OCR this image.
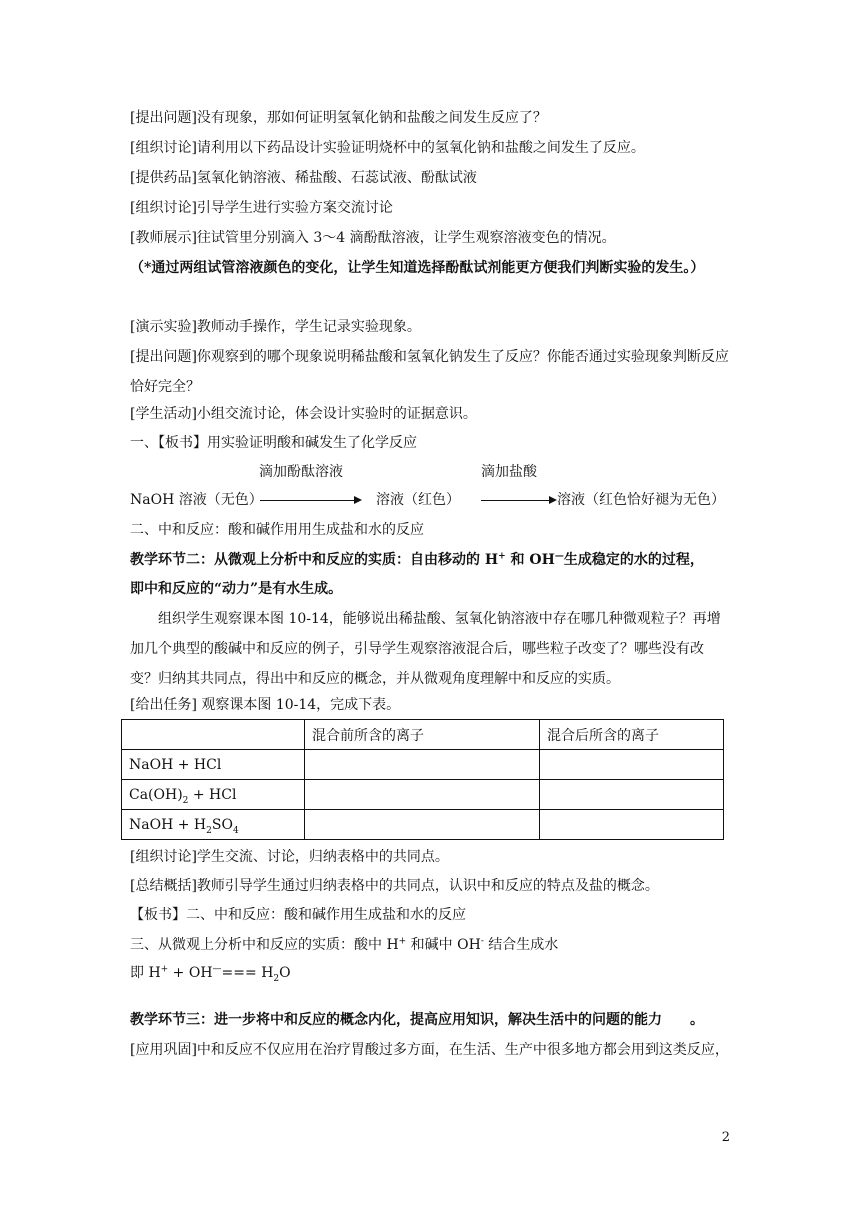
[提出问题]没有现象，那如何证明氢氧化钠和盐酸之间发生反应了？
[组织讨论]请利用以下药品设计实验证明烧杯中的氢氧化钠和盐酸之间发生了反应。
[提供药品]氢氧化钠溶液、稀盐酸、石蕊试液、酚酞试液
[组织讨论]引导学生进行实验方案交流讨论
[教师展示]往试管里分别滴入 3～4 滴酚酞溶液，让学生观察溶液变色的情况。
（*通过两组试管溶液颜色的变化，让学生知道选择酚酞试剂能更方便我们判断实验的发生。）
[演示实验]教师动手操作，学生记录实验现象。
[提出问题]你观察到的哪个现象说明稀盐酸和氢氧化钠发生了反应？你能否通过实验现象判断反应恰好完全？
[学生活动]小组交流讨论，体会设计实验时的证据意识。
一、【板书】用实验证明酸和碱发生了化学反应
滴加酚酞溶液	滴加盐酸
NaOH 溶液（无色）	溶液（红色）	溶液（红色恰好褪为无色）
二、中和反应：酸和碱作用用生成盐和水的反应
教学环节二：从微观上分析中和反应的实质：自由移动的 H+ 和 OH—生成稳定的水的过程，
即中和反应的“动力”是有水生成。
组织学生观察课本图 10-14，能够说出稀盐酸、氢氧化钠溶液中存在哪几种微观粒子？再增加几个典型的酸碱中和反应的例子，引导学生观察溶液混合后，哪些粒子改变了？哪些没有改变？归纳其共同点，得出中和反应的概念，并从微观角度理解中和反应的实质。
[给出任务] 观察课本图 10-14，完成下表。
	混合前所含的离子	混合后所含的离子
NaOH + HCl		
$Ca(OH)_2$ + HCl		
NaOH + $H_2SO_4$		
[组织讨论]学生交流、讨论，归纳表格中的共同点。
[总结概括]教师引导学生通过归纳表格中的共同点，认识中和反应的特点及盐的概念。
【板书】二、中和反应：酸和碱作用生成盐和水的反应
三、从微观上分析中和反应的实质：酸中 H+ 和碱中 OH- 结合生成水
即 $H^+ + OH^—=== H_2O$
教学环节三：进一步将中和反应的概念内化，提高应用知识，解决生活中的问题的能力　　。
[应用巩固]中和反应不仅应用在治疗胃酸过多方面，在生活、生产中很多地方都会用到这类反应，
2
